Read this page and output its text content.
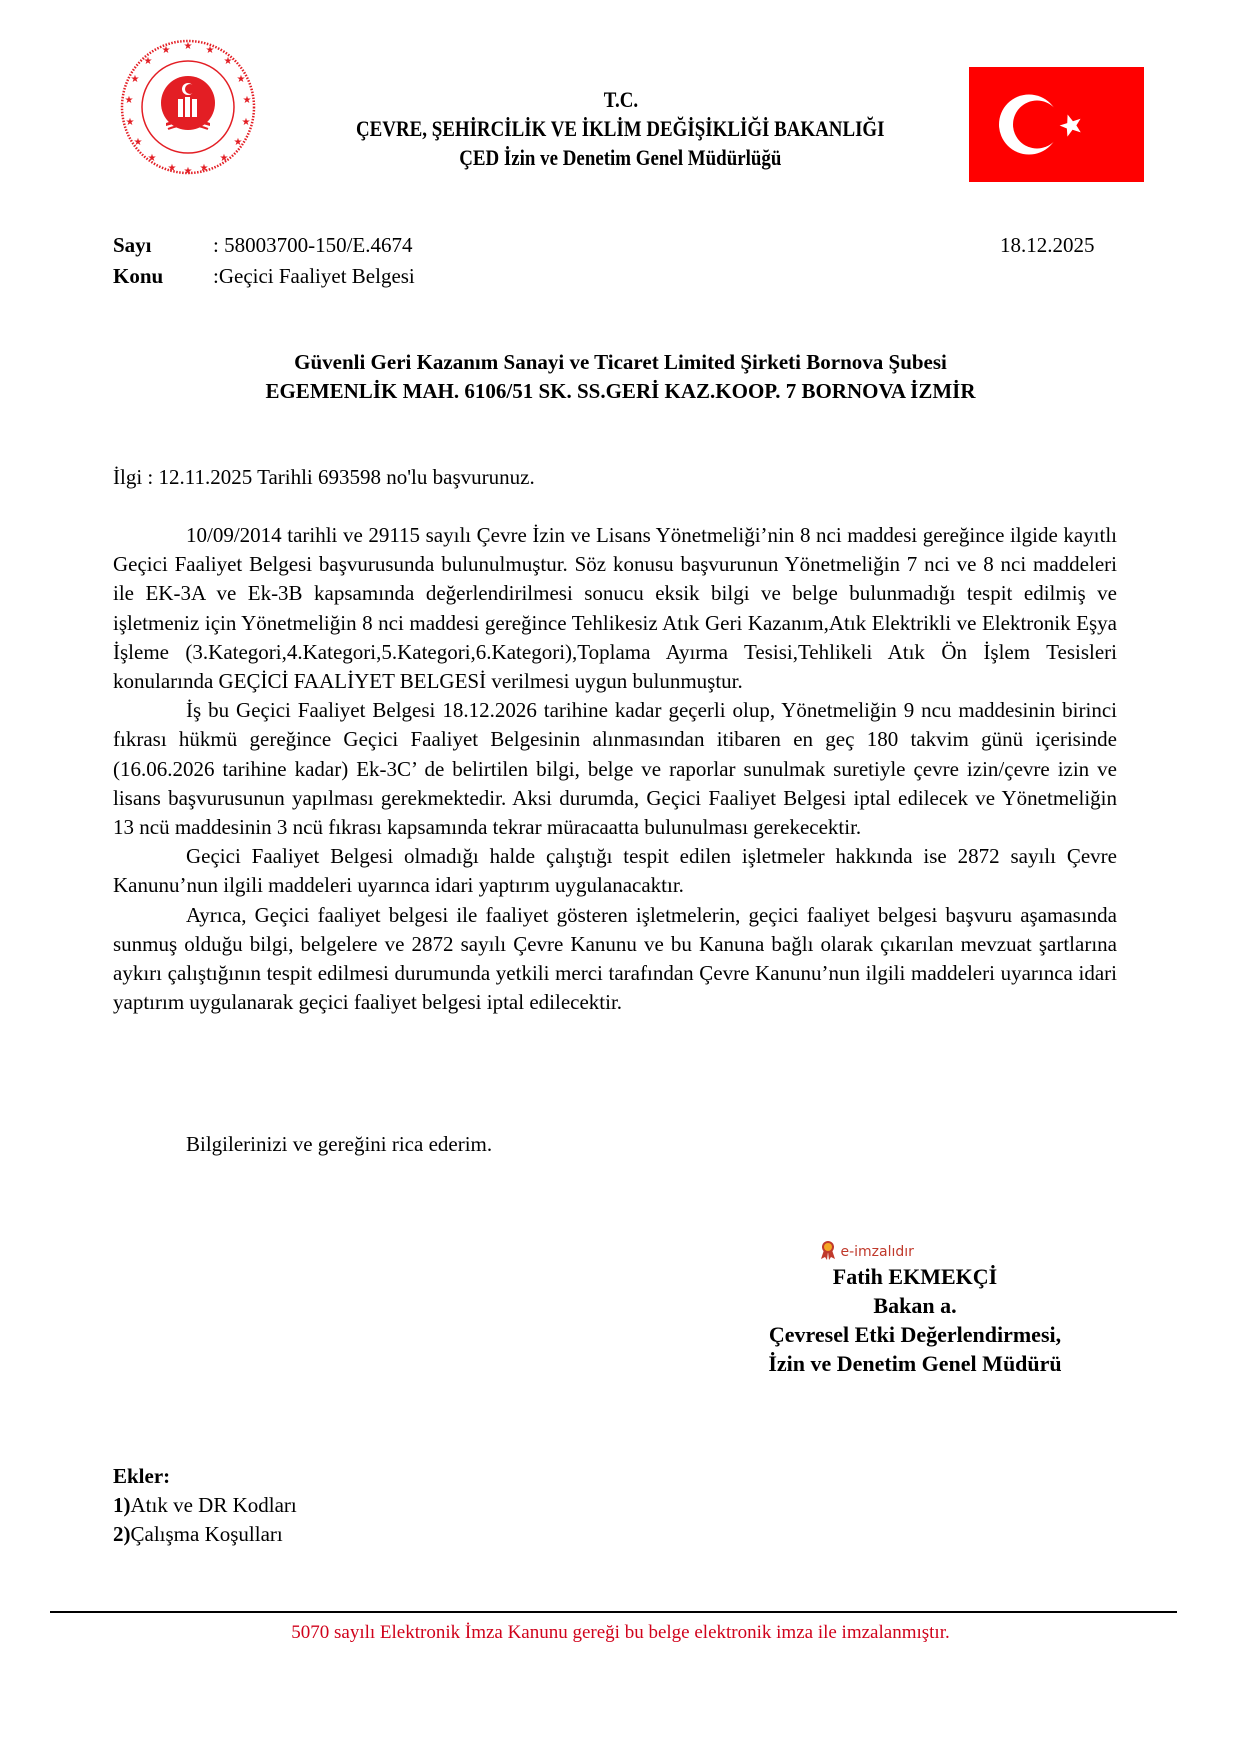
★
★	★
★	★
★	★
★	★
★	★
★	★
★	★
★ ★
★
T.C.
ÇEVRE, ŞEHİRCİLİK VE İKLİM DEĞİŞİKLİĞİ BAKANLIĞI
ÇED İzin ve Denetim Genel Müdürlüğü
Sayı	: 58003700-150/E.4674	18.12.2025
Konu :Geçici Faaliyet Belgesi
Güvenli Geri Kazanım Sanayi ve Ticaret Limited Şirketi Bornova Şubesi
EGEMENLİK MAH. 6106/51 SK. SS.GERİ KAZ.KOOP. 7 BORNOVA İZMİR

İlgi : 12.11.2025 Tarihli 693598 no'lu başvurunuz.

10/09/2014 tarihli ve 29115 sayılı Çevre İzin ve Lisans Yönetmeliği’nin 8 nci maddesi gereğince ilgide kayıtlı Geçici Faaliyet Belgesi başvurusunda bulunulmuştur. Söz konusu başvurunun Yönetmeliğin 7 nci ve 8 nci maddeleri ile EK-3A ve Ek-3B kapsamında değerlendirilmesi sonucu eksik bilgi ve belge bulunmadığı tespit edilmiş ve işletmeniz için Yönetmeliğin 8 nci maddesi gereğince Tehlikesiz Atık Geri Kazanım,Atık Elektrikli ve Elektronik Eşya İşleme (3.Kategori,4.Kategori,5.Kategori,6.Kategori),Toplama Ayırma Tesisi,Tehlikeli Atık Ön İşlem Tesisleri konularında GEÇİCİ FAALİYET BELGESİ verilmesi uygun bulunmuştur.

İş bu Geçici Faaliyet Belgesi 18.12.2026 tarihine kadar geçerli olup, Yönetmeliğin 9 ncu maddesinin birinci fıkrası hükmü gereğince Geçici Faaliyet Belgesinin alınmasından itibaren en geç 180 takvim günü içerisinde (16.06.2026 tarihine kadar) Ek-3C’ de belirtilen bilgi, belge ve raporlar sunulmak suretiyle çevre izin/çevre izin ve lisans başvurusunun yapılması gerekmektedir. Aksi durumda, Geçici Faaliyet Belgesi iptal edilecek ve Yönetmeliğin 13 ncü maddesinin 3 ncü fıkrası kapsamında tekrar müracaatta bulunulması gerekecektir.

Geçici Faaliyet Belgesi olmadığı halde çalıştığı tespit edilen işletmeler hakkında ise 2872 sayılı Çevre Kanunu’nun ilgili maddeleri uyarınca idari yaptırım uygulanacaktır.

Ayrıca, Geçici faaliyet belgesi ile faaliyet gösteren işletmelerin, geçici faaliyet belgesi başvuru aşamasında sunmuş olduğu bilgi, belgelere ve 2872 sayılı Çevre Kanunu ve bu Kanuna bağlı olarak çıkarılan mevzuat şartlarına aykırı çalıştığının tespit edilmesi durumunda yetkili merci tarafından Çevre Kanunu’nun ilgili maddeleri uyarınca idari yaptırım uygulanarak geçici faaliyet belgesi iptal edilecektir.

Bilgilerinizi ve gereğini rica ederim.

e-imzalıdır
Fatih EKMEKÇİ
Bakan a.
Çevresel Etki Değerlendirmesi,
İzin ve Denetim Genel Müdürü
Ekler:
1)Atık ve DR Kodları
2)Çalışma Koşulları
5070 sayılı Elektronik İmza Kanunu gereği bu belge elektronik imza ile imzalanmıştır.
